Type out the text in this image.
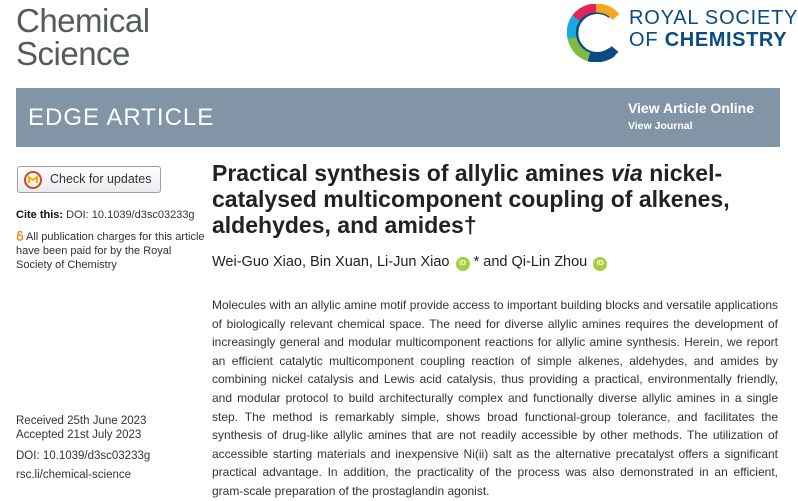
Chemical
Science
ROYAL SOCIETY
OF CHEMISTRY
EDGE ARTICLE	View Article Online
View Journal
Check for updates
Cite this: DOI: 10.1039/d3sc03233g
All publication charges for this article have been paid for by the Royal Society of Chemistry
Received 25th June 2023
Accepted 21st July 2023
DOI: 10.1039/d3sc03233g
rsc.li/chemical-science
Practical synthesis of allylic amines via nickel-catalysed multicomponent coupling of alkenes, aldehydes, and amides†
Wei-Guo Xiao, Bin Xuan, Li-Jun Xiao iD * and Qi-Lin Zhou iD
Molecules with an allylic amine motif provide access to important building blocks and versatile applications of biologically relevant chemical space. The need for diverse allylic amines requires the development of increasingly general and modular multicomponent reactions for allylic amine synthesis. Herein, we report an efficient catalytic multicomponent coupling reaction of simple alkenes, aldehydes, and amides by combining nickel catalysis and Lewis acid catalysis, thus providing a practical, environmentally friendly, and modular protocol to build architecturally complex and functionally diverse allylic amines in a single step. The method is remarkably simple, shows broad functional-group tolerance, and facilitates the synthesis of drug-like allylic amines that are not readily accessible by other methods. The utilization of accessible starting materials and inexpensive Ni(ii) salt as the alternative precatalyst offers a significant practical advantage. In addition, the practicality of the process was also demonstrated in an efficient, gram-scale preparation of the prostaglandin agonist.
